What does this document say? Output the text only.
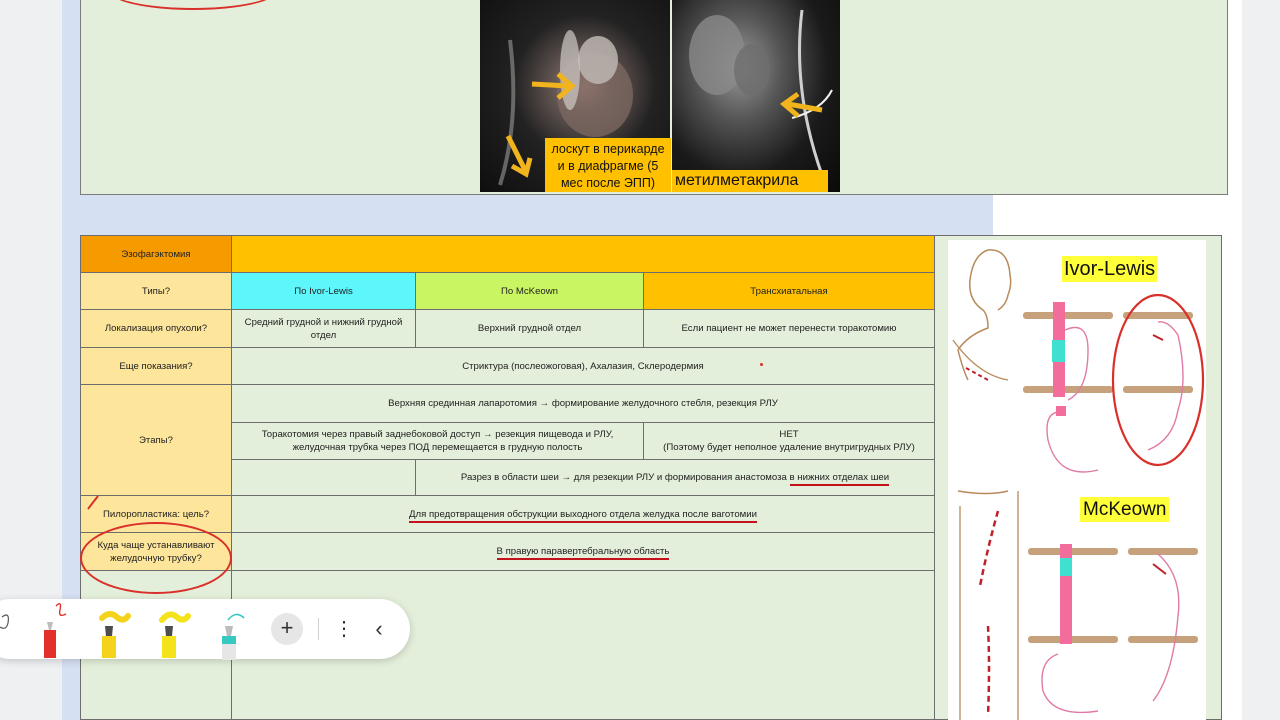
лоскут в перикарде и в диафрагме (5 мес после ЭПП)	метилметакрила
Эзофагэктомия			
Типы?	По Ivor-Lewis	По McKeown	Трансхиатальная
Локализация опухоли?	Средний грудной и нижний грудной отдел	Верхний грудной отдел	Если пациент не может перенести торакотомию
Еще показания?	Стриктура (послеожоговая), Ахалазия, Склеродермия		
Этапы?	Верхняя срединная лапаротомия → формирование желудочного стебля, резекция РЛУ		
	Торакотомия через правый заднебоковой доступ → резекция пищевода и РЛУ, желудочная трубка через ПОД перемещается в грудную полость		НЕТ
(Поэтому будет неполное удаление внутригрудных РЛУ)

		Разрез в области шеи → для резекции РЛУ и формирования анастомоза в нижних отделах шеи	
Пилоропластика: цель?	Для предотвращения обструкции выходного отдела желудка после ваготомии		
Куда чаще устанавливают желудочную трубку?	В правую паравертебральную область		

Ivor-Lewis
McKeown
+	⋮ ‹
